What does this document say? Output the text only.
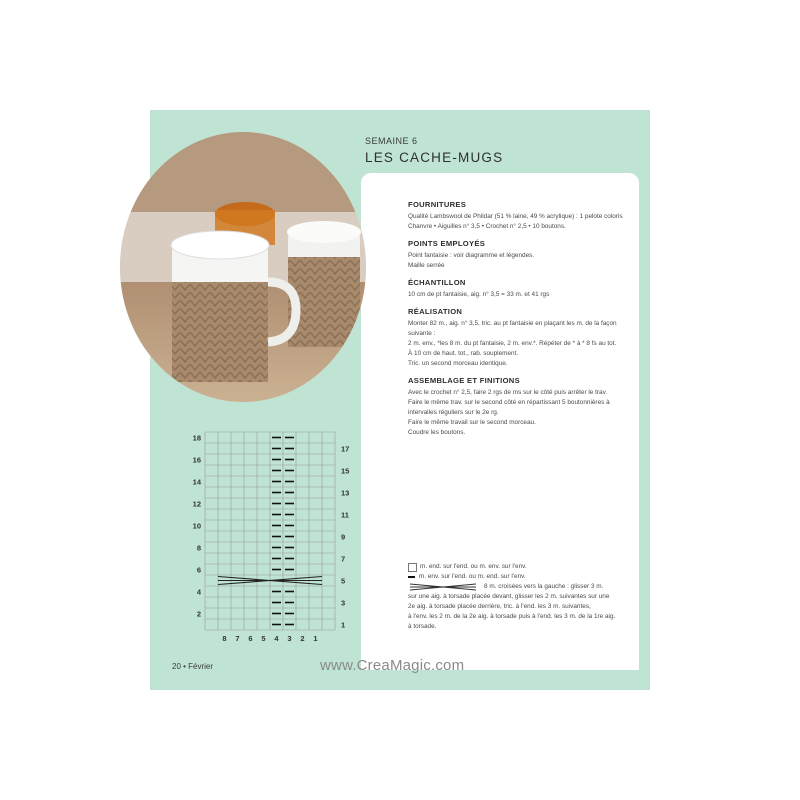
SEMAINE 6
LES CACHE-MUGS
FOURNITURES

Qualité Lambswool de Phildar (51 % laine, 49 % acrylique) : 1 pelote coloris

Chanvre • Aiguilles n° 3,5 • Crochet n° 2,5 • 10 boutons.

POINTS EMPLOYÉS

Point fantaisie : voir diagramme et légendes.

Maille serrée

ÉCHANTILLON

10 cm de pt fantaisie, aig. n° 3,5 = 33 m. et 41 rgs

RÉALISATION

Monter 82 m., aig. n° 3,5, tric. au pt fantaisie en plaçant les m. de la façon

suivante :

2 m. env., *les 8 m. du pt fantaisie, 2 m. env.*. Répéter de * à * 8 fs au tot.

À 10 cm de haut. tot., rab. souplement.

Tric. un second morceau identique.

ASSEMBLAGE ET FINITIONS

Avec le crochet n° 2,5, faire 2 rgs de ms sur le côté puis arrêter le trav.

Faire le même trav. sur le second côté en répartissant 5 boutonnières à

intervalles réguliers sur le 2e rg.

Faire le même travail sur le second morceau.

Coudre les boutons.

m. end. sur l'end. ou m. env. sur l'env.
m. env. sur l'end. ou m. end. sur l'env.
8 m. croisées vers la gauche : glisser 3 m.
sur une aig. à torsade placée devant, glisser les 2 m. suivantes sur une
2e aig. à torsade placée derrière, tric. à l'end. les 3 m. suivantes,
à l'env. les 2 m. de la 2e aig. à torsade puis à l'end. les 3 m. de la 1re aig.
à torsade.
18
16
14
12
10
8
6
4
2
17
15
13
11
9
7
5
3
1
8 7 6 5 4 3 2 1
20 • Février	www.CreaMagic.com
